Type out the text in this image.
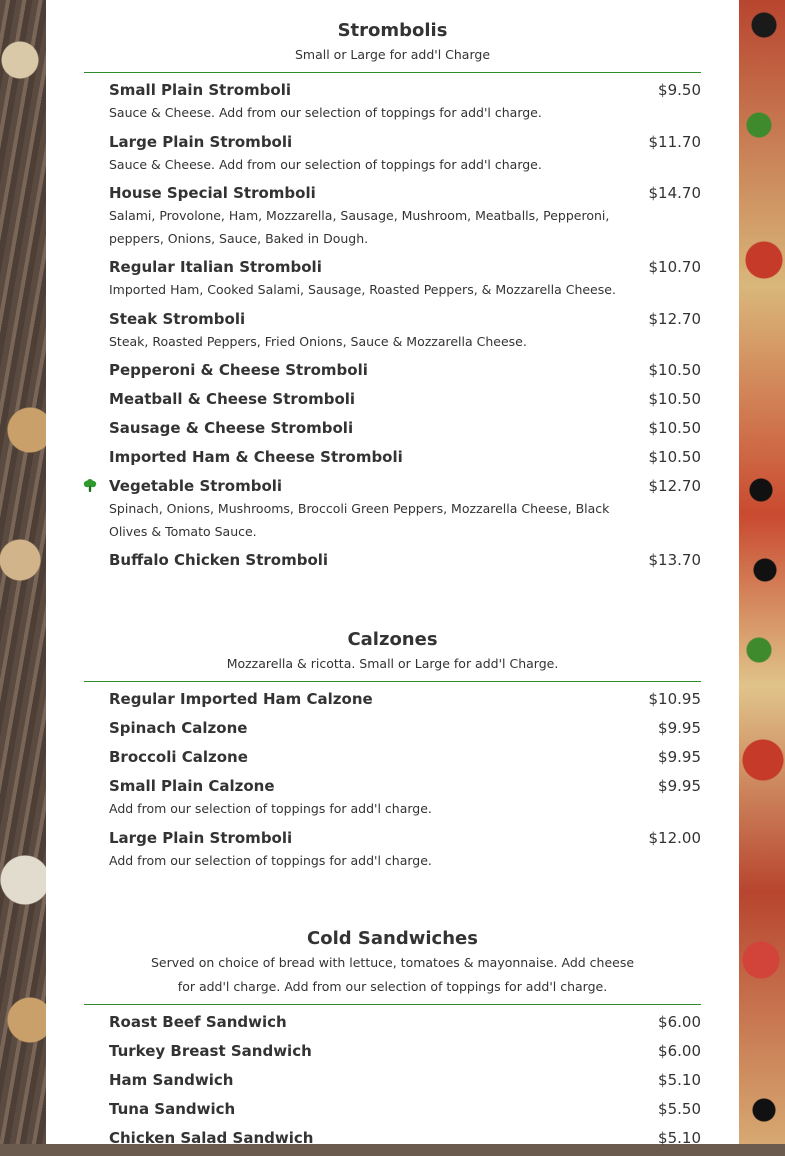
Strombolis
Small or Large for add'l Charge
Small Plain Stromboli	$9.50
Sauce & Cheese. Add from our selection of toppings for add'l charge.
Large Plain Stromboli	$11.70
Sauce & Cheese. Add from our selection of toppings for add'l charge.
House Special Stromboli	$14.70
Salami, Provolone, Ham, Mozzarella, Sausage, Mushroom, Meatballs, Pepperoni, peppers, Onions, Sauce, Baked in Dough.
Regular Italian Stromboli	$10.70
Imported Ham, Cooked Salami, Sausage, Roasted Peppers, & Mozzarella Cheese.
Steak Stromboli	$12.70
Steak, Roasted Peppers, Fried Onions, Sauce & Mozzarella Cheese.
Pepperoni & Cheese Stromboli	$10.50
Meatball & Cheese Stromboli	$10.50
Sausage & Cheese Stromboli	$10.50
Imported Ham & Cheese Stromboli	$10.50
Vegetable Stromboli	$12.70
Spinach, Onions, Mushrooms, Broccoli Green Peppers, Mozzarella Cheese, Black Olives & Tomato Sauce.
Buffalo Chicken Stromboli	$13.70
Calzones
Mozzarella & ricotta. Small or Large for add'l Charge.
Regular Imported Ham Calzone	$10.95
Spinach Calzone	$9.95
Broccoli Calzone	$9.95
Small Plain Calzone	$9.95
Add from our selection of toppings for add'l charge.
Large Plain Stromboli	$12.00
Add from our selection of toppings for add'l charge.
Cold Sandwiches
Served on choice of bread with lettuce, tomatoes & mayonnaise. Add cheese
for add'l charge. Add from our selection of toppings for add'l charge.
Roast Beef Sandwich	$6.00
Turkey Breast Sandwich	$6.00
Ham Sandwich	$5.10
Tuna Sandwich	$5.50
Chicken Salad Sandwich	$5.10
